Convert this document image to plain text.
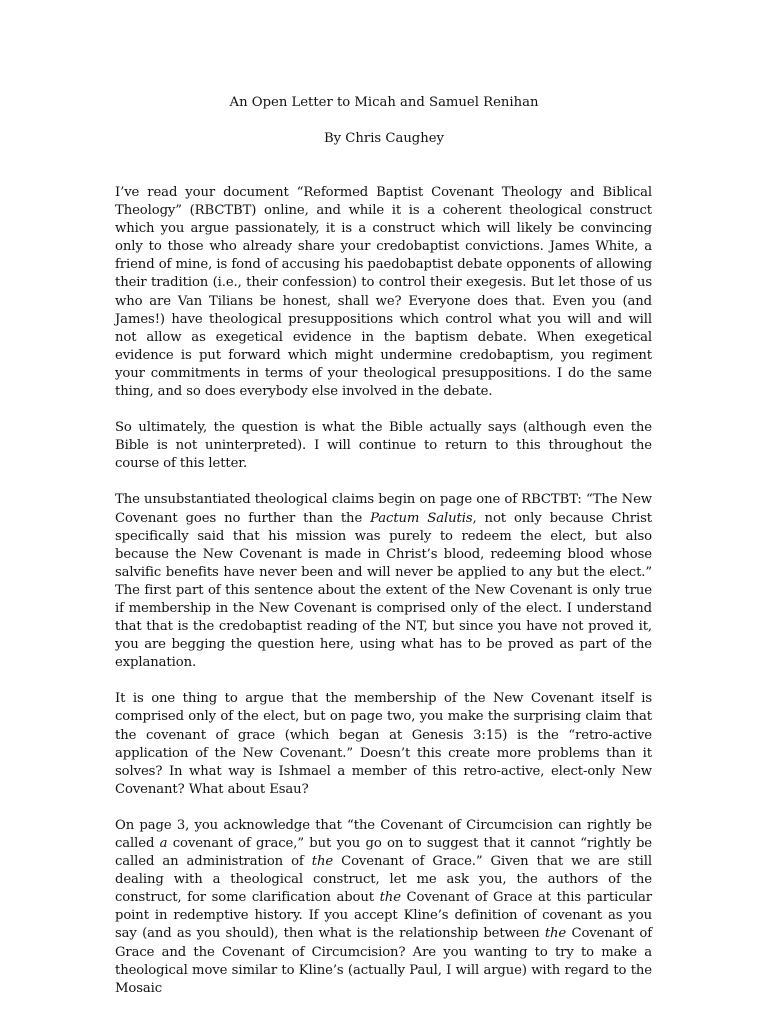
An Open Letter to Micah and Samuel Renihan

By Chris Caughey

I’ve read your document “Reformed Baptist Covenant Theology and Biblical Theology” (RBCTBT) online, and while it is a coherent theological construct which you argue passionately, it is a construct which will likely be convincing only to those who already share your credobaptist convictions. James White, a friend of mine, is fond of accusing his paedobaptist debate opponents of allowing their tradition (i.e., their confession) to control their exegesis. But let those of us who are Van Tilians be honest, shall we? Everyone does that. Even you (and James!) have theological presuppositions which control what you will and will not allow as exegetical evidence in the baptism debate. When exegetical evidence is put forward which might undermine credobaptism, you regiment your commitments in terms of your theological presuppositions. I do the same thing, and so does everybody else involved in the debate.

So ultimately, the question is what the Bible actually says (although even the Bible is not uninterpreted). I will continue to return to this throughout the course of this letter.

The unsubstantiated theological claims begin on page one of RBCTBT: “The New Covenant goes no further than the Pactum Salutis, not only because Christ specifically said that his mission was purely to redeem the elect, but also because the New Covenant is made in Christ’s blood, redeeming blood whose salvific benefits have never been and will never be applied to any but the elect.” The first part of this sentence about the extent of the New Covenant is only true if membership in the New Covenant is comprised only of the elect. I understand that that is the credobaptist reading of the NT, but since you have not proved it, you are begging the question here, using what has to be proved as part of the explanation.

It is one thing to argue that the membership of the New Covenant itself is comprised only of the elect, but on page two, you make the surprising claim that the covenant of grace (which began at Genesis 3:15) is the “retro-active application of the New Covenant.” Doesn’t this create more problems than it solves? In what way is Ishmael a member of this retro-active, elect-only New Covenant? What about Esau?

On page 3, you acknowledge that “the Covenant of Circumcision can rightly be called a covenant of grace,” but you go on to suggest that it cannot “rightly be called an administration of the Covenant of Grace.” Given that we are still dealing with a theological construct, let me ask you, the authors of the construct, for some clarification about the Covenant of Grace at this particular point in redemptive history. If you accept Kline’s definition of covenant as you say (and as you should), then what is the relationship between the Covenant of Grace and the Covenant of Circumcision? Are you wanting to try to make a theological move similar to Kline’s (actually Paul, I will argue) with regard to the Mosaic
